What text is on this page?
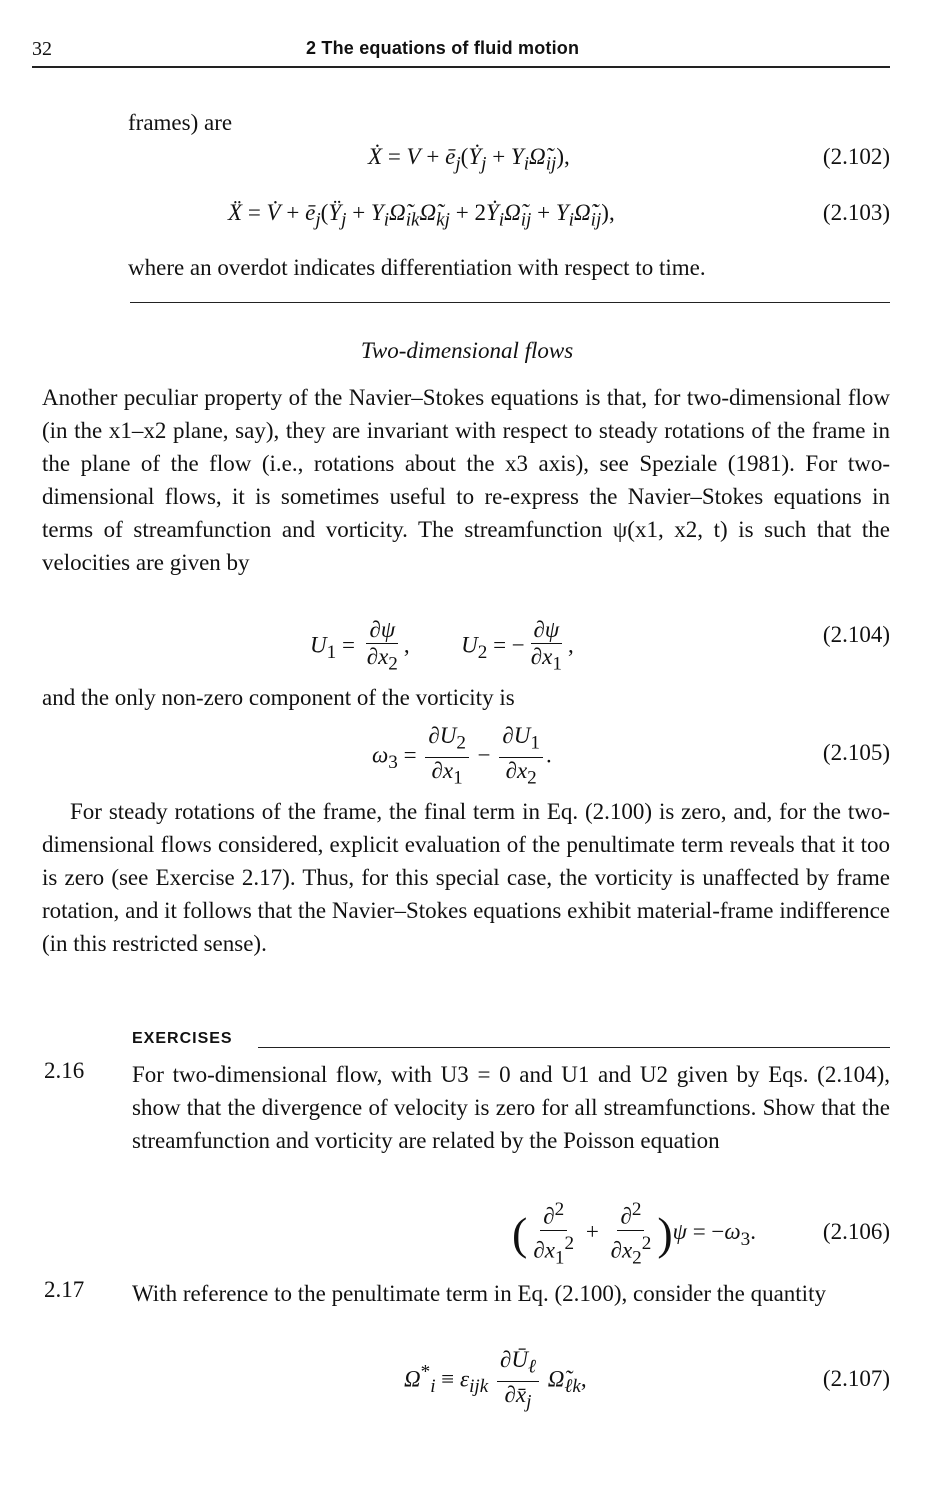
32	2 The equations of fluid motion
frames) are
Ẋ = $V + ē_j(Ẏ_j$ + $Y_i\Omegã_{ij}$),	(2.102)
Ẍ = V̇ + $ē_j(Ÿ_j$ + $Y_i\Omegã_{ik}\Omegã_{kj}$ + $2Ẏ_i\Omegã_{ij}$ + $Y_i\Omegã̇_{ij}$),	(2.103)
where an overdot indicates differentiation with respect to time.
Two-dimensional flows
Another peculiar property of the Navier–Stokes equations is that, for two-dimensional flow (in the x1–x2 plane, say), they are invariant with respect to steady rotations of the frame in the plane of the flow (i.e., rotations about the x3 axis), see Speziale (1981). For two-dimensional flows, it is sometimes useful to re-express the Navier–Stokes equations in terms of streamfunction and vorticity. The streamfunction ψ(x1, x2, t) is such that the velocities are given by
$U_1 = \frac{\partial\psi}{\partial x_2}$ ,  $U_2$ = − $\frac{\partial\psi}{\partial x_1}$ ,	(2.104)
and the only non-zero component of the vorticity is
$\omega_3 = \frac{\partial U_2}{\partial x_1} - \frac{\partial U_1}{\partial x_2}$ .	(2.105)
For steady rotations of the frame, the final term in Eq. (2.100) is zero, and, for the two-dimensional flows considered, explicit evaluation of the penultimate term reveals that it too is zero (see Exercise 2.17). Thus, for this special case, the vorticity is unaffected by frame rotation, and it follows that the Navier–Stokes equations exhibit material-frame indifference (in this restricted sense).
EXERCISES
2.16 For two-dimensional flow, with U3 = 0 and U1 and U2 given by Eqs. (2.104), show that the divergence of velocity is zero for all streamfunctions. Show that the streamfunction and vorticity are related by the Poisson equation
( $\frac{\partial^2}{\partial x_1^2} + \frac{\partial^2}{\partial x_2^2} )\psi = -\omega_3$.	(2.106)
2.17 With reference to the penultimate term in Eq. (2.100), consider the quantity
$\Omega^*_i \equiv \varepsilon_{ijk} \frac{\partial Ū_\ell}{\partial x̄_j}$ $\Omegã_{\ell k}$,	(2.107)
